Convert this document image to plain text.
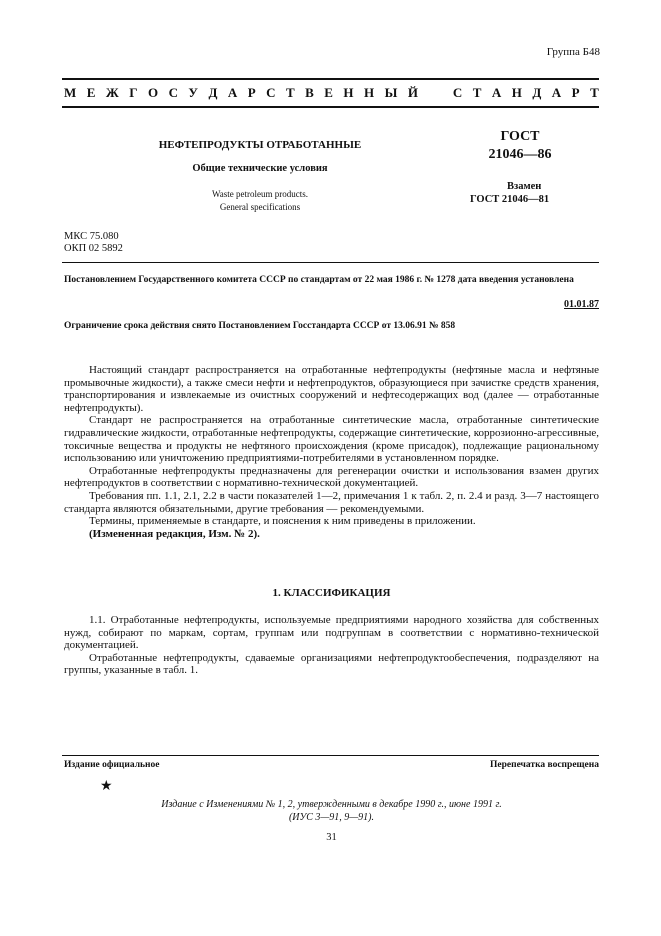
Группа Б48
М Е Ж Г О С У Д А Р С Т В Е Н Н Ы Й	С Т А Н Д А Р Т
НЕФТЕПРОДУКТЫ ОТРАБОТАННЫЕ
Общие технические условия
Waste petroleum products.
General specifications
ГОСТ
21046—86
Взамен
ГОСТ 21046—81
МКС 75.080
ОКП 02 5892
Постановлением Государственного комитета СССР по стандартам от 22 мая 1986 г. № 1278 дата введения установлена
01.01.87
Ограничение срока действия снято Постановлением Госстандарта СССР от 13.06.91 № 858

Настоящий стандарт распространяется на отработанные нефтепродукты (нефтяные масла и нефтяные промывочные жидкости), а также смеси нефти и нефтепродуктов, образующиеся при зачистке средств хранения, транспортирования и извлекаемые из очистных сооружений и нефтесодержащих вод (далее — отработанные нефтепродукты).

Стандарт не распространяется на отработанные синтетические масла, отработанные синтетические гидравлические жидкости, отработанные нефтепродукты, содержащие синтетические, коррозионно-агрессивные, токсичные вещества и продукты не нефтяного происхождения (кроме присадок), подлежащие рациональному использованию или уничтожению предприятиями-потребителями в установленном порядке.

Отработанные нефтепродукты предназначены для регенерации очистки и использования взамен других нефтепродуктов в соответствии с нормативно-технической документацией.

Требования пп. 1.1, 2.1, 2.2 в части показателей 1—2, примечания 1 к табл. 2, п. 2.4 и разд. 3—7 настоящего стандарта являются обязательными, другие требования — рекомендуемыми.

Термины, применяемые в стандарте, и пояснения к ним приведены в приложении.

(Измененная редакция, Изм. № 2).

1. КЛАССИФИКАЦИЯ

1.1. Отработанные нефтепродукты, используемые предприятиями народного хозяйства для собственных нужд, собирают по маркам, сортам, группам или подгруппам в соответствии с нормативно-технической документацией.

Отработанные нефтепродукты, сдаваемые организациями нефтепродуктообеспечения, подразделяют на группы, указанные в табл. 1.

Издание официальное	Перепечатка воспрещена
★
Издание с Изменениями № 1, 2, утвержденными в декабре 1990 г., июне 1991 г.
(ИУС 3—91, 9—91).
31
